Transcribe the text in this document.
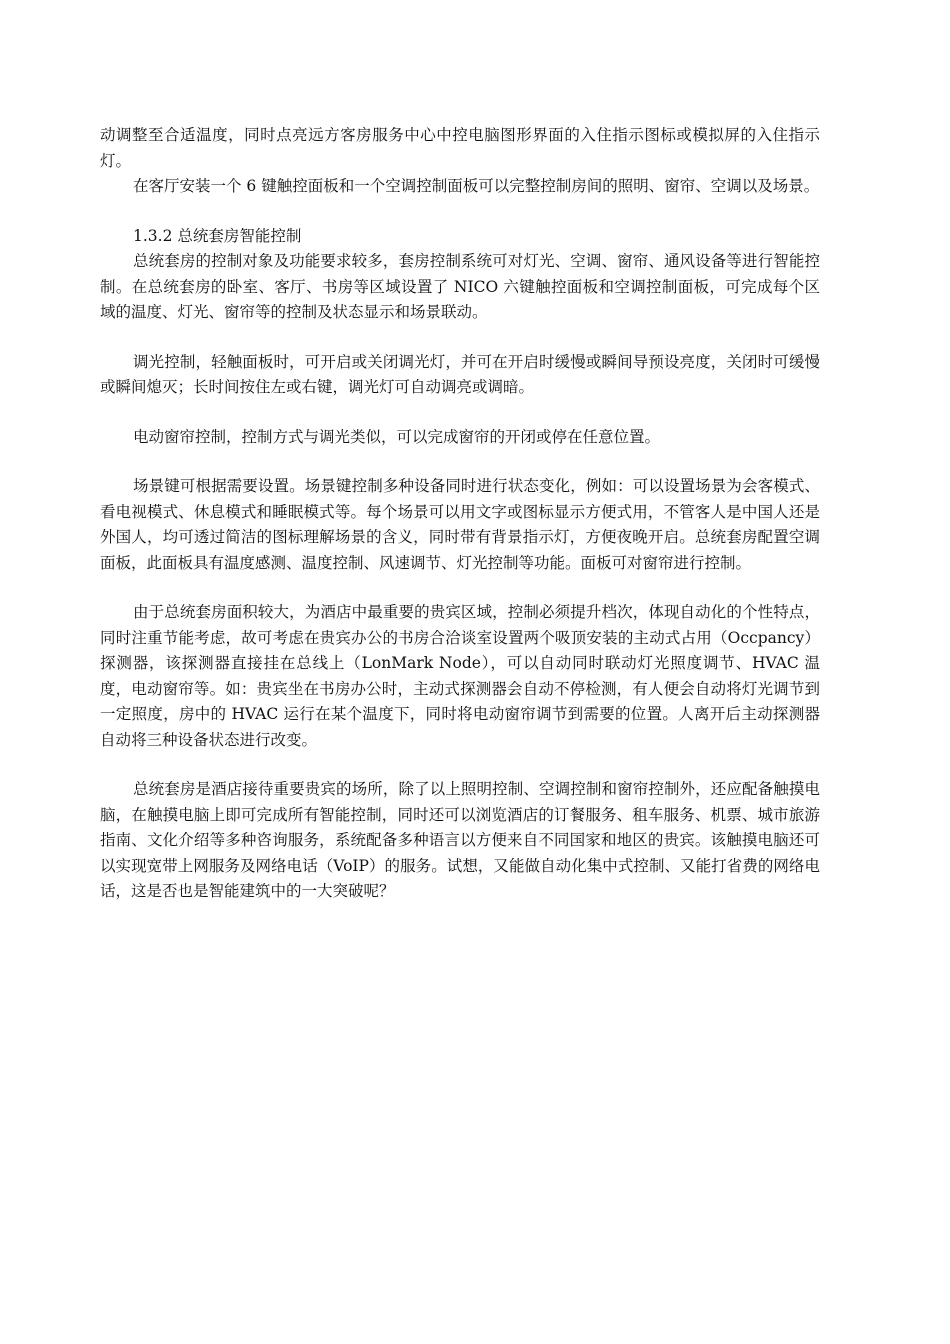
动调整至合适温度，同时点亮远方客房服务中心中控电脑图形界面的入住指示图标或模拟屏的入住指示灯。

在客厅安装一个 6 键触控面板和一个空调控制面板可以完整控制房间的照明、窗帘、空调以及场景。

1.3.2 总统套房智能控制

总统套房的控制对象及功能要求较多，套房控制系统可对灯光、空调、窗帘、通风设备等进行智能控制。在总统套房的卧室、客厅、书房等区域设置了 NICO 六键触控面板和空调控制面板，可完成每个区域的温度、灯光、窗帘等的控制及状态显示和场景联动。

调光控制，轻触面板时，可开启或关闭调光灯，并可在开启时缓慢或瞬间导预设亮度，关闭时可缓慢或瞬间熄灭；长时间按住左或右键，调光灯可自动调亮或调暗。

电动窗帘控制，控制方式与调光类似，可以完成窗帘的开闭或停在任意位置。

场景键可根据需要设置。场景键控制多种设备同时进行状态变化，例如：可以设置场景为会客模式、看电视模式、休息模式和睡眠模式等。每个场景可以用文字或图标显示方便式用，不管客人是中国人还是外国人，均可透过简洁的图标理解场景的含义，同时带有背景指示灯，方便夜晚开启。总统套房配置空调面板，此面板具有温度感测、温度控制、风速调节、灯光控制等功能。面板可对窗帘进行控制。

由于总统套房面积较大，为酒店中最重要的贵宾区域，控制必须提升档次，体现自动化的个性特点，同时注重节能考虑，故可考虑在贵宾办公的书房合洽谈室设置两个吸顶安装的主动式占用（Occpancy）探测器，该探测器直接挂在总线上（LonMark Node），可以自动同时联动灯光照度调节、HVAC 温度，电动窗帘等。如：贵宾坐在书房办公时，主动式探测器会自动不停检测，有人便会自动将灯光调节到一定照度，房中的 HVAC 运行在某个温度下，同时将电动窗帘调节到需要的位置。人离开后主动探测器自动将三种设备状态进行改变。

总统套房是酒店接待重要贵宾的场所，除了以上照明控制、空调控制和窗帘控制外，还应配备触摸电脑，在触摸电脑上即可完成所有智能控制，同时还可以浏览酒店的订餐服务、租车服务、机票、城市旅游指南、文化介绍等多种咨询服务，系统配备多种语言以方便来自不同国家和地区的贵宾。该触摸电脑还可以实现宽带上网服务及网络电话（VoIP）的服务。试想，又能做自动化集中式控制、又能打省费的网络电话，这是否也是智能建筑中的一大突破呢？
